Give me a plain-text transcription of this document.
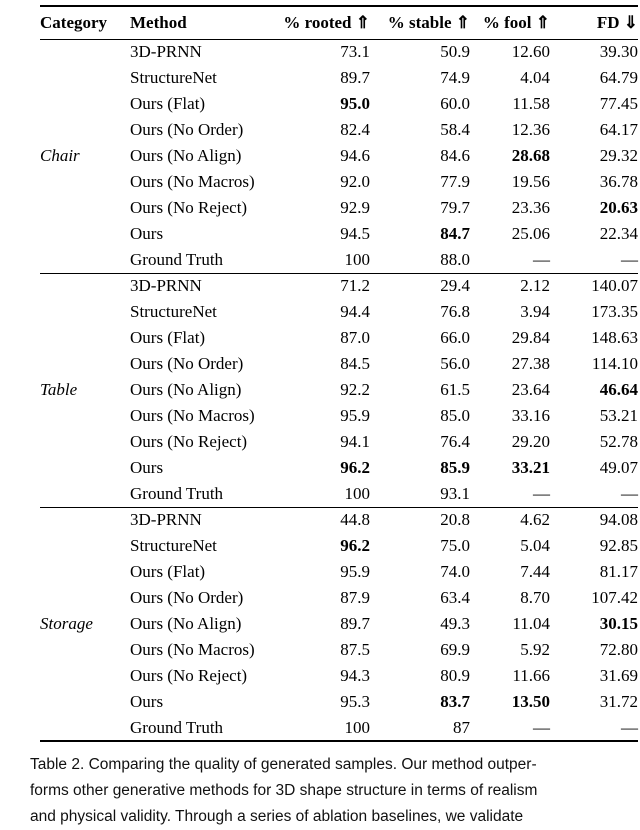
Category	Method	% rooted ⇑	% stable ⇑	% fool ⇑	FD ⇓
Chair	3D-PRNN	73.1	50.9	12.60	39.30
	StructureNet	89.7	74.9	4.04	64.79
	Ours (Flat)	95.0	60.0	11.58	77.45
	Ours (No Order)	82.4	58.4	12.36	64.17
	Ours (No Align)	94.6	84.6	28.68	29.32
	Ours (No Macros)	92.0	77.9	19.56	36.78
	Ours (No Reject)	92.9	79.7	23.36	20.63
	Ours	94.5	84.7	25.06	22.34
	Ground Truth	100	88.0	—	—
Table	3D-PRNN	71.2	29.4	2.12	140.07
	StructureNet	94.4	76.8	3.94	173.35
	Ours (Flat)	87.0	66.0	29.84	148.63
	Ours (No Order)	84.5	56.0	27.38	114.10
	Ours (No Align)	92.2	61.5	23.64	46.64
	Ours (No Macros)	95.9	85.0	33.16	53.21
	Ours (No Reject)	94.1	76.4	29.20	52.78
	Ours	96.2	85.9	33.21	49.07
	Ground Truth	100	93.1	—	—
Storage	3D-PRNN	44.8	20.8	4.62	94.08
	StructureNet	96.2	75.0	5.04	92.85
	Ours (Flat)	95.9	74.0	7.44	81.17
	Ours (No Order)	87.9	63.4	8.70	107.42
	Ours (No Align)	89.7	49.3	11.04	30.15
	Ours (No Macros)	87.5	69.9	5.92	72.80
	Ours (No Reject)	94.3	80.9	11.66	31.69
	Ours	95.3	83.7	13.50	31.72
	Ground Truth	100	87	—	—
Table 2. Comparing the quality of generated samples. Our method outper-
forms other generative methods for 3D shape structure in terms of realism
and physical validity. Through a series of ablation baselines, we validate
